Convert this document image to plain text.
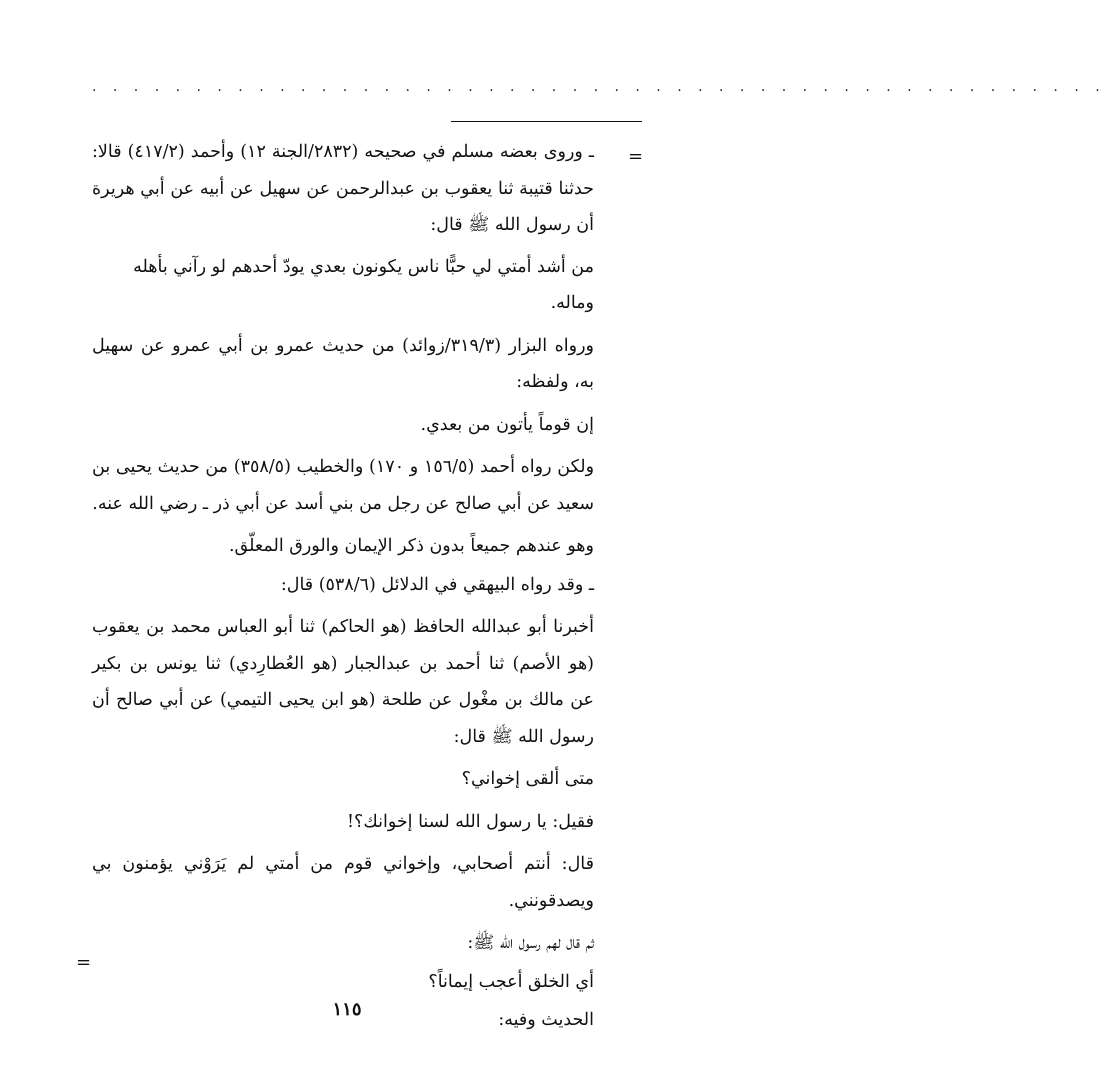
. . . . . . . . . . . . . . . . . . . . . . . . . . . . . . . . . . . . . . . . . . . . . . . . .
=

ـ وروى بعضه مسلم في صحيحه (٢٨٣٢/الجنة ١٢) وأحمد (٤١٧/٢) قالا: حدثنا قتيبة ثنا يعقوب بن عبدالرحمن عن سهيل عن أبيه عن أبي هريرة أن رسول الله ﷺ قال:

من أشد أمتي لي حبًّا ناس يكونون بعدي يودّ أحدهم لو رآني بأهله وماله.

ورواه البزار (٣١٩/٣/زوائد) من حديث عمرو بن أبي عمرو عن سهيل به، ولفظه:

إن قوماً يأتون من بعدي.

ولكن رواه أحمد (١٥٦/٥ و ١٧٠) والخطيب (٣٥٨/٥) من حديث يحيى بن سعيد عن أبي صالح عن رجل من بني أسد عن أبي ذر ـ رضي الله عنه.

وهو عندهم جميعاً بدون ذكر الإيمان والورق المعلّق.

ـ وقد رواه البيهقي في الدلائل (٥٣٨/٦) قال:

أخبرنا أبو عبدالله الحافظ (هو الحاكم) ثنا أبو العباس محمد بن يعقوب (هو الأصم) ثنا أحمد بن عبدالجبار (هو العُطارِدي) ثنا يونس بن بكير عن مالك بن مغْول عن طلحة (هو ابن يحيى التيمي) عن أبي صالح أن رسول الله ﷺ قال:

متى ألقى إخواني؟

فقيل: يا رسول الله لسنا إخوانك؟!

قال: أنتم أصحابي، وإخواني قوم من أمتي لم يَرَوْني يؤمنون بي ويصدقونني.

ثم قال لهم رسول الله ﷺ:

أي الخلق أعجب إيماناً؟

الحديث وفيه:

=
١١٥
